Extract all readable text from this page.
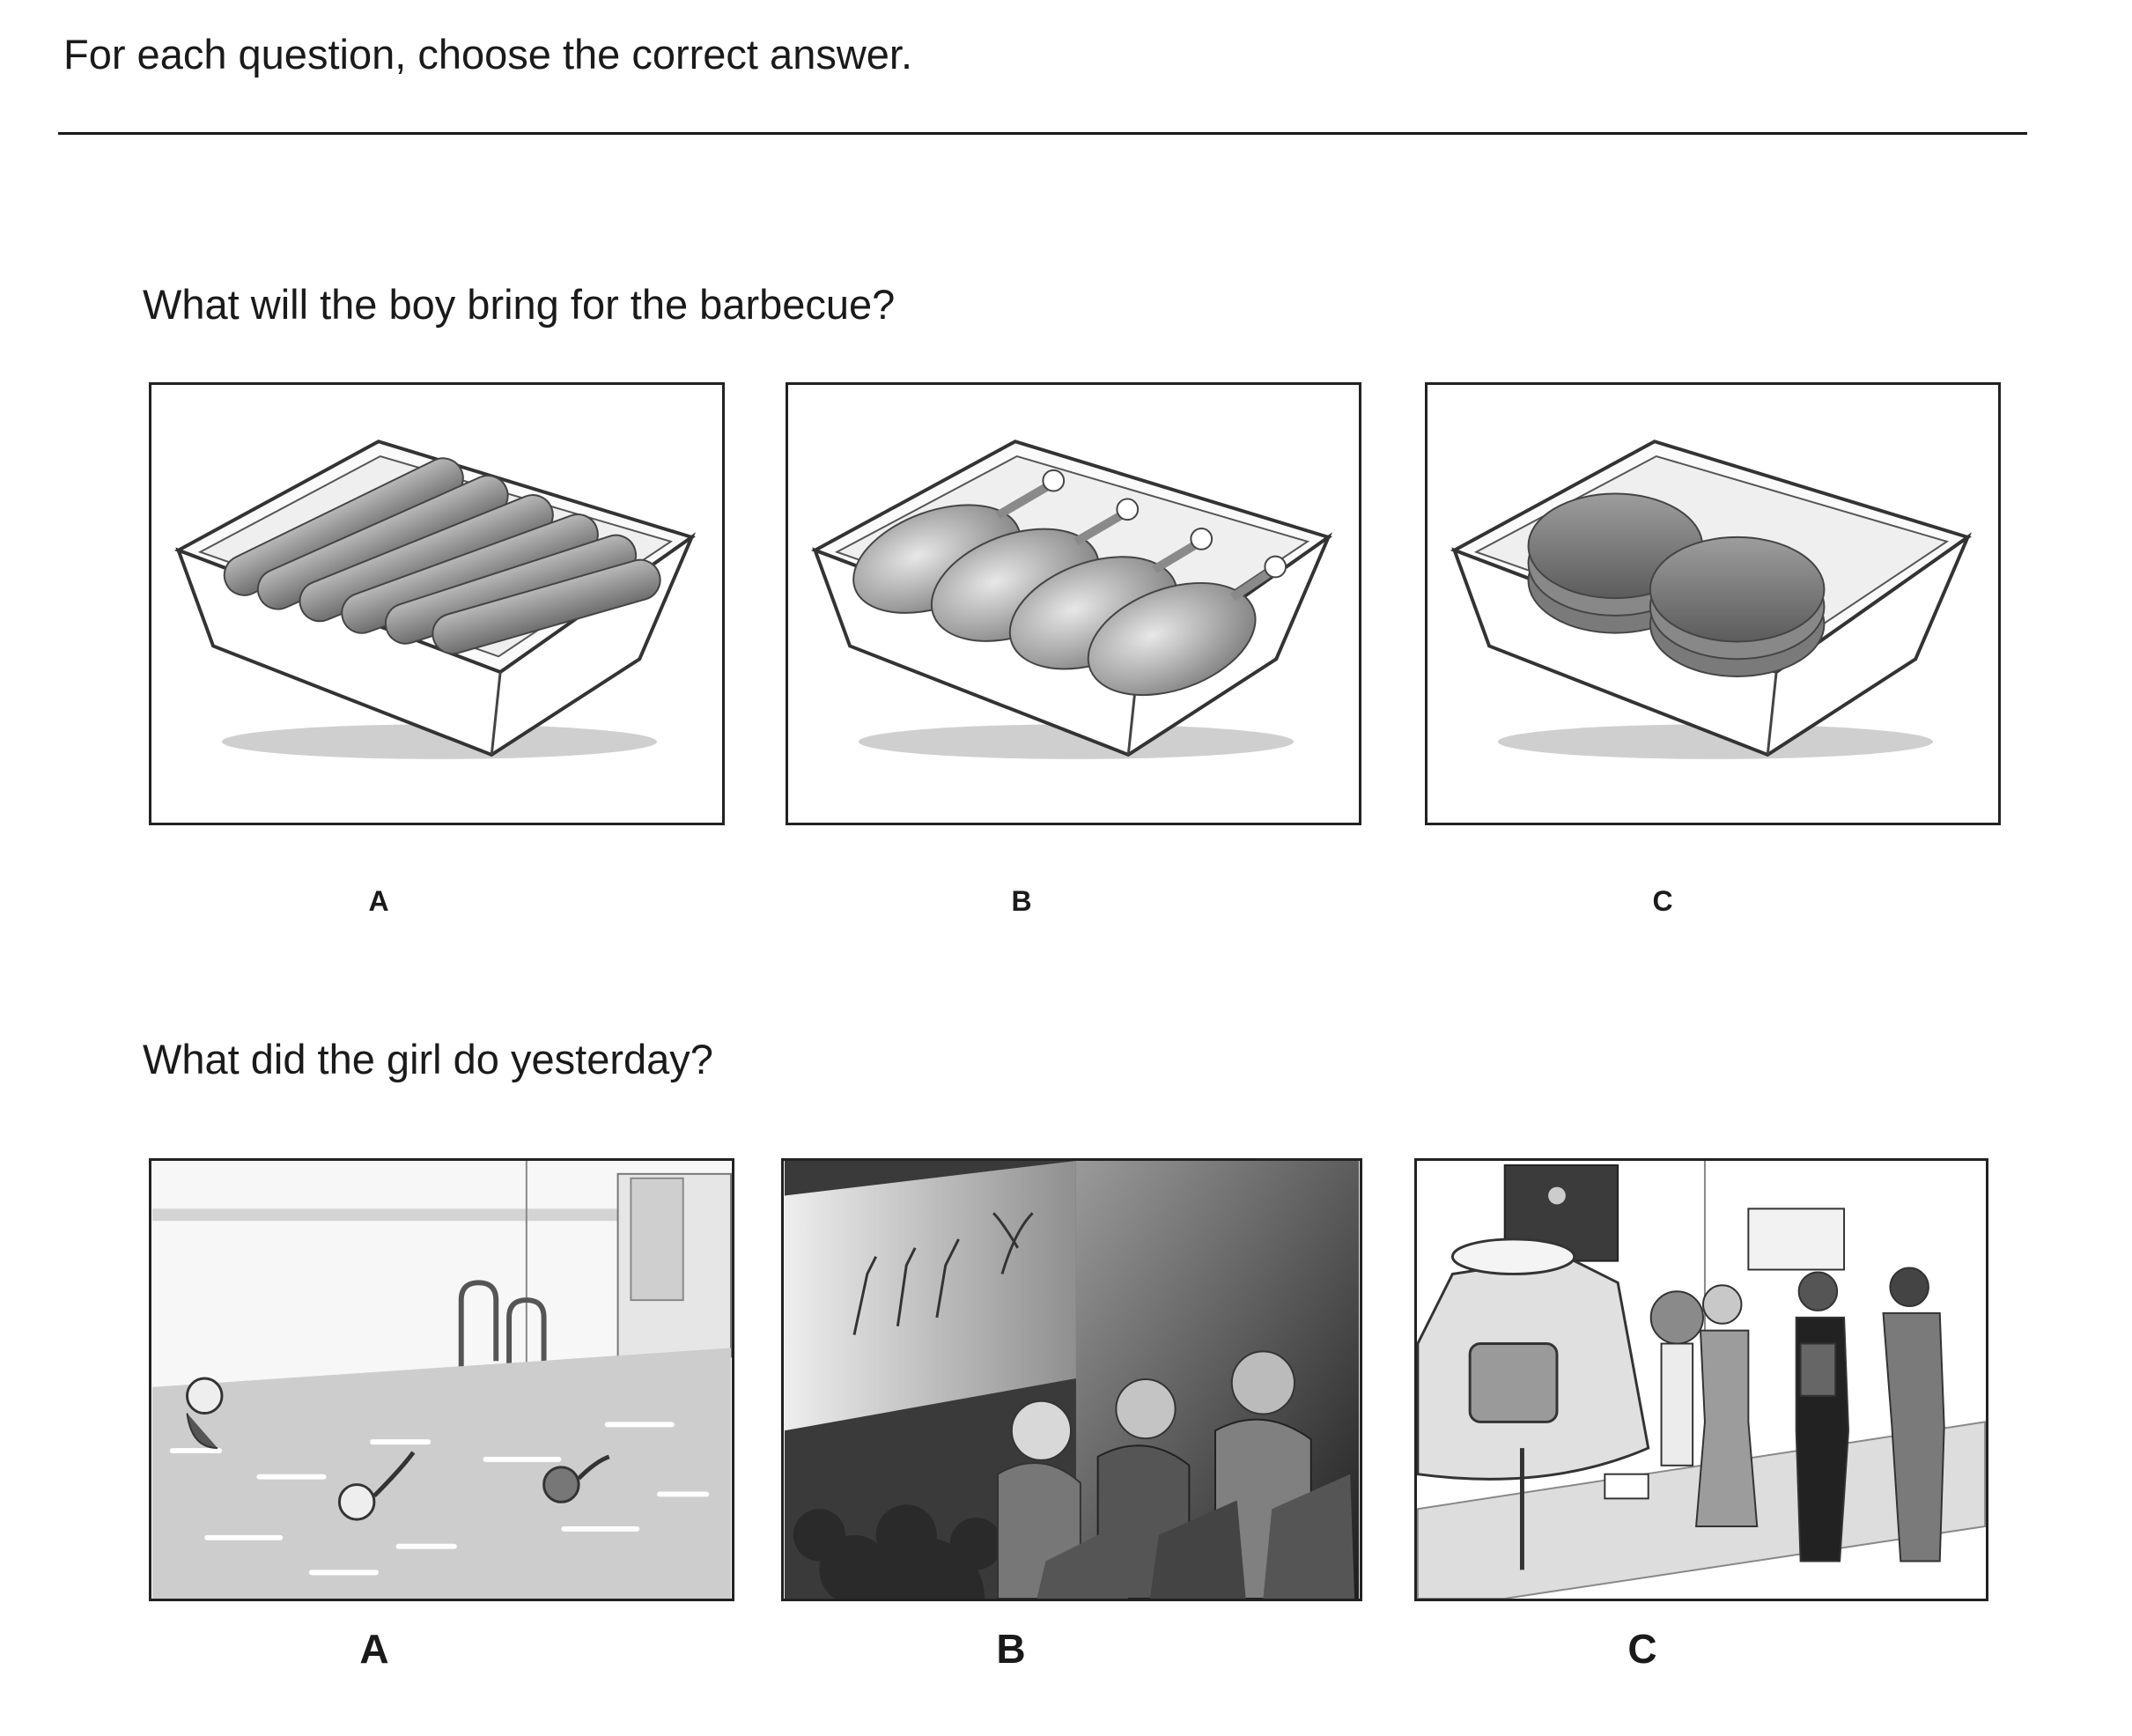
For each question, choose the correct answer.
What will the boy bring for the barbecue?
A	B	C
What did the girl do yesterday?
A	B	C
